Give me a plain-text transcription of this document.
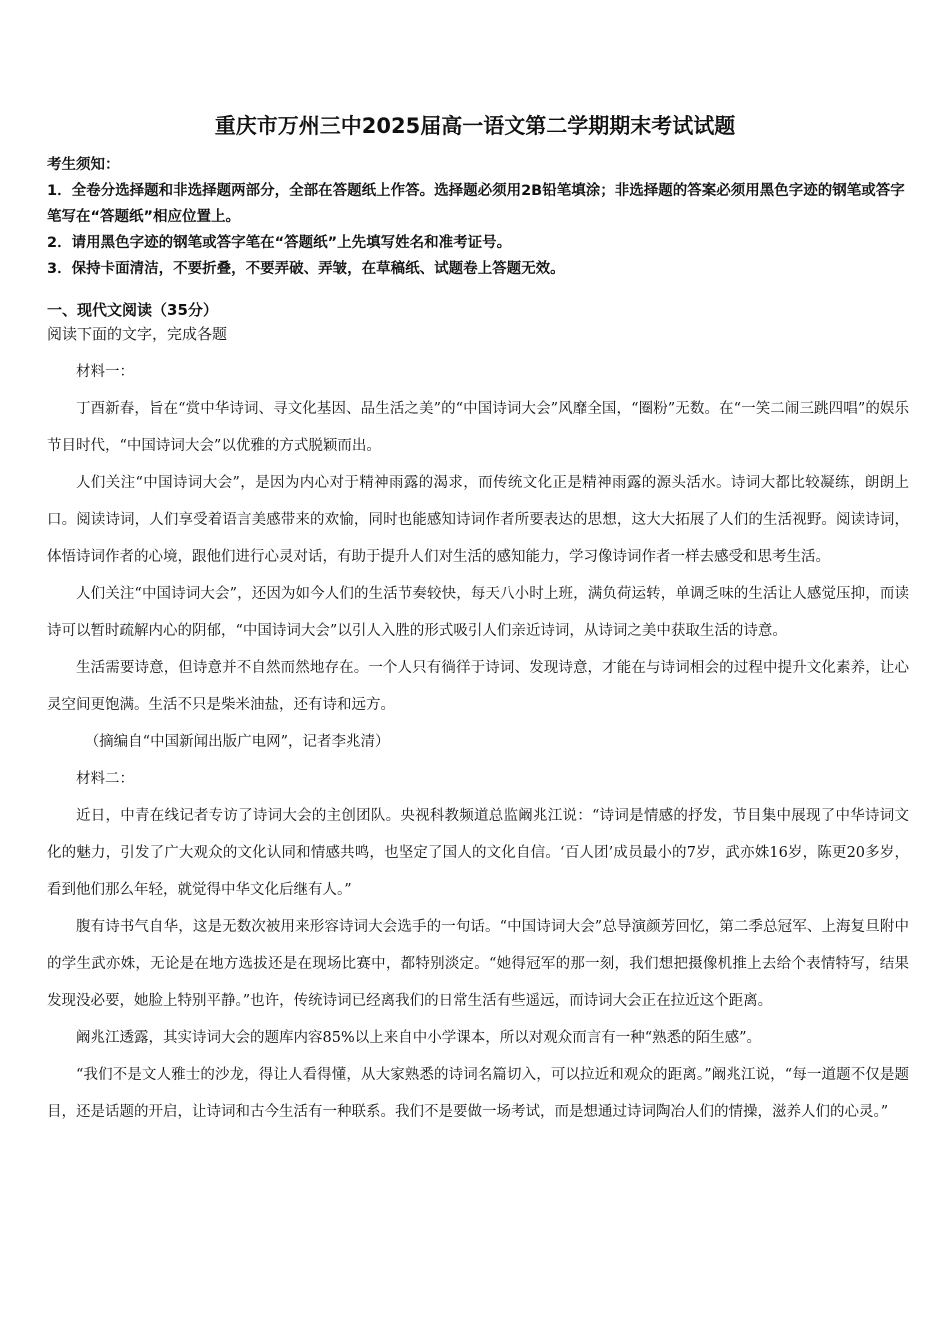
重庆市万州三中2025届高一语文第二学期期末考试试题

考生须知：

1．全卷分选择题和非选择题两部分，全部在答题纸上作答。选择题必须用2B铅笔填涂；非选择题的答案必须用黑色字迹的钢笔或答字笔写在“答题纸”相应位置上。

2．请用黑色字迹的钢笔或答字笔在“答题纸”上先填写姓名和准考证号。

3．保持卡面清洁，不要折叠，不要弄破、弄皱，在草稿纸、试题卷上答题无效。

一、现代文阅读（35分）
阅读下面的文字，完成各题

材料一：

丁酉新春，旨在“赏中华诗词、寻文化基因、品生活之美”的“中国诗词大会”风靡全国，“圈粉”无数。在“一笑二闹三跳四唱”的娱乐节目时代，“中国诗词大会”以优雅的方式脱颖而出。

人们关注“中国诗词大会”，是因为内心对于精神雨露的渴求，而传统文化正是精神雨露的源头活水。诗词大都比较凝练，朗朗上口。阅读诗词，人们享受着语言美感带来的欢愉，同时也能感知诗词作者所要表达的思想，这大大拓展了人们的生活视野。阅读诗词，体悟诗词作者的心境，跟他们进行心灵对话，有助于提升人们对生活的感知能力，学习像诗词作者一样去感受和思考生活。

人们关注“中国诗词大会”，还因为如今人们的生活节奏较快，每天八小时上班，满负荷运转，单调乏味的生活让人感觉压抑，而读诗可以暂时疏解内心的阴郁，“中国诗词大会”以引人入胜的形式吸引人们亲近诗词，从诗词之美中获取生活的诗意。

生活需要诗意，但诗意并不自然而然地存在。一个人只有徜徉于诗词、发现诗意，才能在与诗词相会的过程中提升文化素养，让心灵空间更饱满。生活不只是柴米油盐，还有诗和远方。

（摘编自“中国新闻出版广电网”，记者李兆清）

材料二：

近日，中青在线记者专访了诗词大会的主创团队。央视科教频道总监阚兆江说：“诗词是情感的抒发，节目集中展现了中华诗词文化的魅力，引发了广大观众的文化认同和情感共鸣，也坚定了国人的文化自信。‘百人团’成员最小的7岁，武亦姝16岁，陈更20多岁，看到他们那么年轻，就觉得中华文化后继有人。”

腹有诗书气自华，这是无数次被用来形容诗词大会选手的一句话。“中国诗词大会”总导演颜芳回忆，第二季总冠军、上海复旦附中的学生武亦姝，无论是在地方选拔还是在现场比赛中，都特别淡定。“她得冠军的那一刻，我们想把摄像机推上去给个表情特写，结果发现没必要，她脸上特别平静。”也许，传统诗词已经离我们的日常生活有些遥远，而诗词大会正在拉近这个距离。

阚兆江透露，其实诗词大会的题库内容85%以上来自中小学课本，所以对观众而言有一种“熟悉的陌生感”。

“我们不是文人雅士的沙龙，得让人看得懂，从大家熟悉的诗词名篇切入，可以拉近和观众的距离。”阚兆江说，“每一道题不仅是题目，还是话题的开启，让诗词和古今生活有一种联系。我们不是要做一场考试，而是想通过诗词陶冶人们的情操，滋养人们的心灵。”
